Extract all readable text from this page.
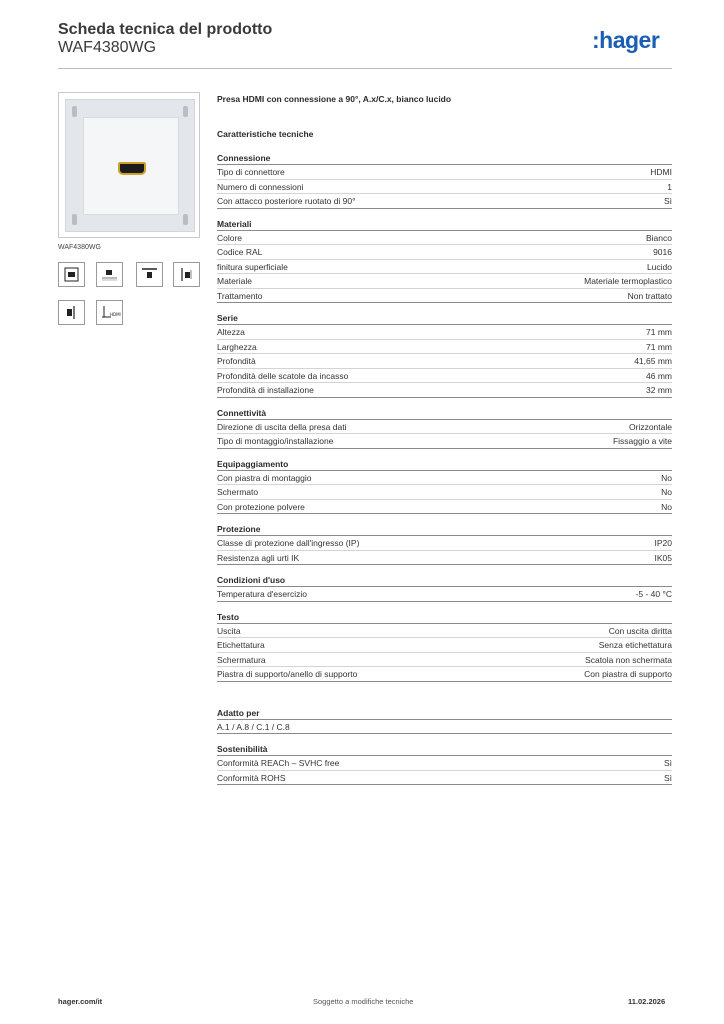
Scheda tecnica del prodotto
WAF4380WG	:hager
WAF4380WG
HDMI
Presa HDMI con connessione a 90°, A.x/C.x, bianco lucido
Caratteristiche tecniche
Connessione
Tipo di connettore	HDMI
Numero di connessioni	1
Con attacco posteriore ruotato di 90°	Sì
Materiali
Colore	Bianco
Codice RAL	9016
finitura superficiale	Lucido
Materiale	Materiale termoplastico
Trattamento	Non trattato
Serie
Altezza	71 mm
Larghezza	71 mm
Profondità	41,65 mm
Profondità delle scatole da incasso	46 mm
Profondità di installazione	32 mm
Connettività
Direzione di uscita della presa dati	Orizzontale
Tipo di montaggio/installazione	Fissaggio a vite
Equipaggiamento
Con piastra di montaggio	No
Schermato	No
Con protezione polvere	No
Protezione
Classe di protezione dall'ingresso (IP)	IP20
Resistenza agli urti IK	IK05
Condizioni d'uso
Temperatura d'esercizio	-5 - 40 °C
Testo
Uscita	Con uscita diritta
Etichettatura	Senza etichettatura
Schermatura	Scatola non schermata
Piastra di supporto/anello di supporto	Con piastra di supporto
Adatto per
A.1 / A.8 / C.1 / C.8
Sostenibilità
Conformità REACh – SVHC free	Sì
Conformità ROHS	Sì
hager.com/it	Soggetto a modifiche tecniche	11.02.2026
